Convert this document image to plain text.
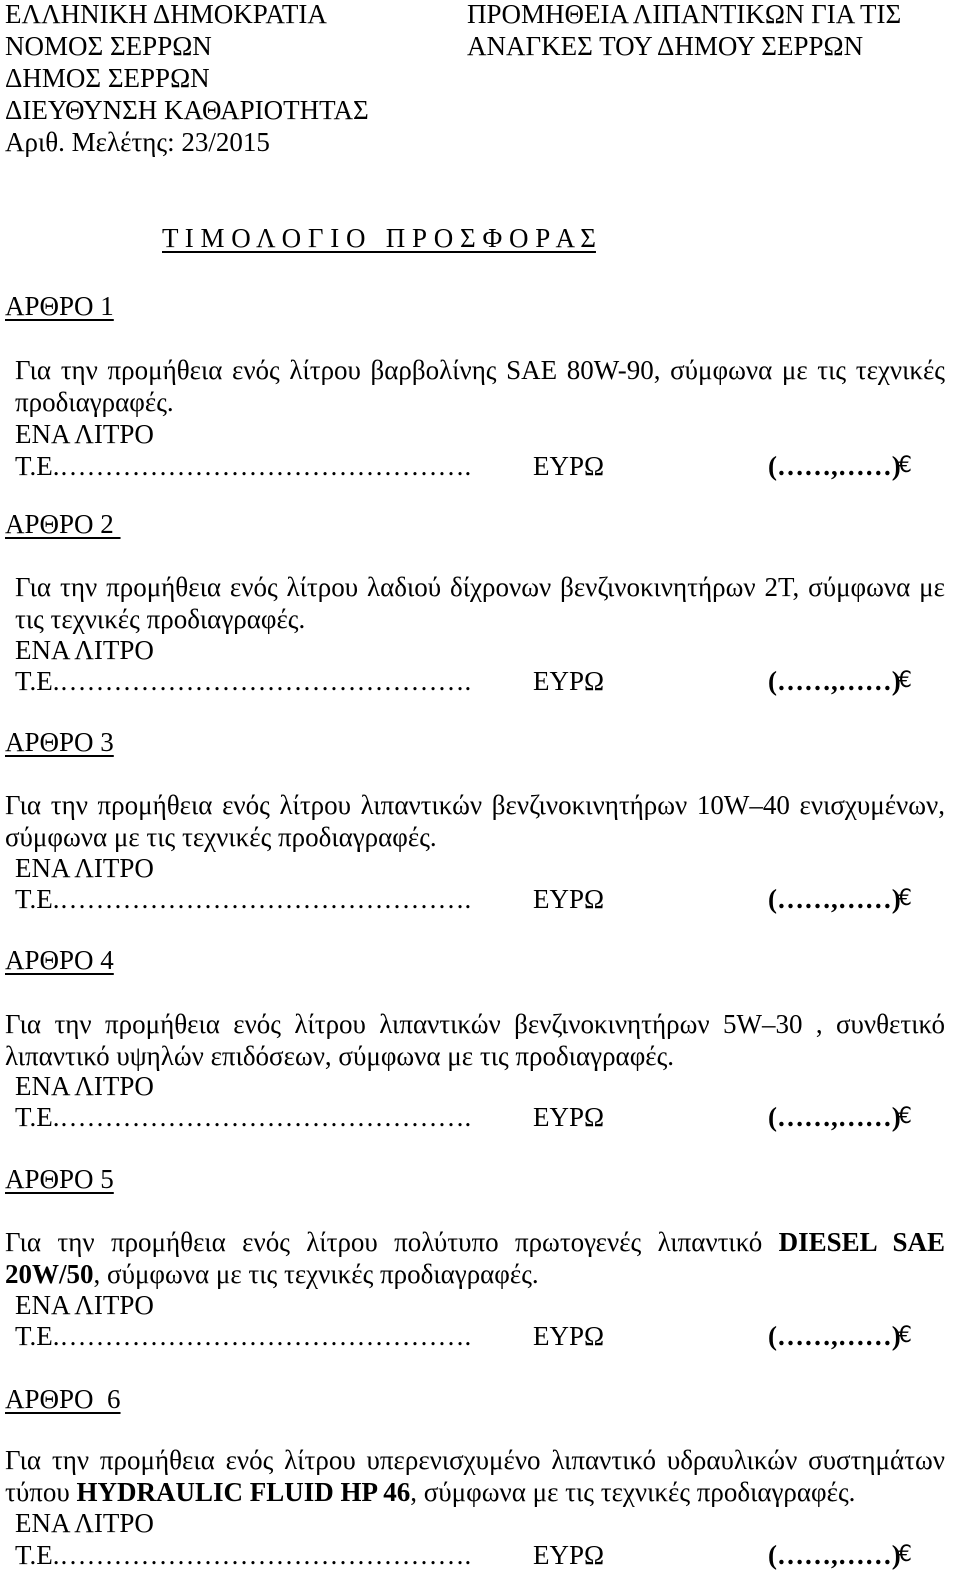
ΕΛΛΗΝΙΚΗ ΔΗΜΟΚΡΑΤΙΑ
ΝΟΜΟΣ ΣΕΡΡΩΝ
ΔΗΜΟΣ ΣΕΡΡΩΝ
ΔΙΕΥΘΥΝΣΗ ΚΑΘΑΡΙΟΤΗΤΑΣ
Αριθ. Μελέτης: 23/2015
ΠΡΟΜΗΘΕΙΑ ΛΙΠΑΝΤΙΚΩΝ ΓΙΑ ΤΙΣ
ΑΝΑΓΚΕΣ ΤΟΥ ΔΗΜΟΥ ΣΕΡΡΩΝ
Τ Ι Μ Ο Λ Ο Γ Ι Ο   Π Ρ Ο Σ Φ Ο Ρ Α Σ
ΑΡΘΡΟ 1
Για την προμήθεια ενός λίτρου βαρβολίνης SAE 80W-90, σύμφωνα με τις τεχνικές
προδιαγραφές.
ΕΝΑ ΛΙΤΡΟ
Τ.Ε.………………………………………. ΕΥΡΩ	(……,……)
€
ΑΡΘΡΟ 2
Για την προμήθεια ενός λίτρου λαδιού δίχρονων βενζινοκινητήρων 2Τ, σύμφωνα με
τις τεχνικές προδιαγραφές.
ΕΝΑ ΛΙΤΡΟ
Τ.Ε.………………………………………. ΕΥΡΩ	(……,……)
€
ΑΡΘΡΟ 3
Για την προμήθεια ενός λίτρου λιπαντικών βενζινοκινητήρων 10W–40 ενισχυμένων,
σύμφωνα με τις τεχνικές προδιαγραφές.
ΕΝΑ ΛΙΤΡΟ
Τ.Ε.………………………………………. ΕΥΡΩ	(……,……)
€
ΑΡΘΡΟ 4
Για την προμήθεια ενός λίτρου λιπαντικών βενζινοκινητήρων 5W–30 , συνθετικό
λιπαντικό υψηλών επιδόσεων, σύμφωνα με τις προδιαγραφές.
ΕΝΑ ΛΙΤΡΟ
Τ.Ε.………………………………………. ΕΥΡΩ	(……,……)
€
ΑΡΘΡΟ 5
Για την προμήθεια ενός λίτρου πολύτυπο πρωτογενές λιπαντικό DIESEL SAE
20W/50, σύμφωνα με τις τεχνικές προδιαγραφές.
ΕΝΑ ΛΙΤΡΟ
Τ.Ε.………………………………………. ΕΥΡΩ	(……,……)
€
ΑΡΘΡΟ  6
Για την προμήθεια ενός λίτρου υπερενισχυμένο λιπαντικό υδραυλικών συστημάτων
τύπου HYDRAULIC FLUID HP 46, σύμφωνα με τις τεχνικές προδιαγραφές.
ΕΝΑ ΛΙΤΡΟ
Τ.Ε.………………………………………. ΕΥΡΩ	(……,……)
€
